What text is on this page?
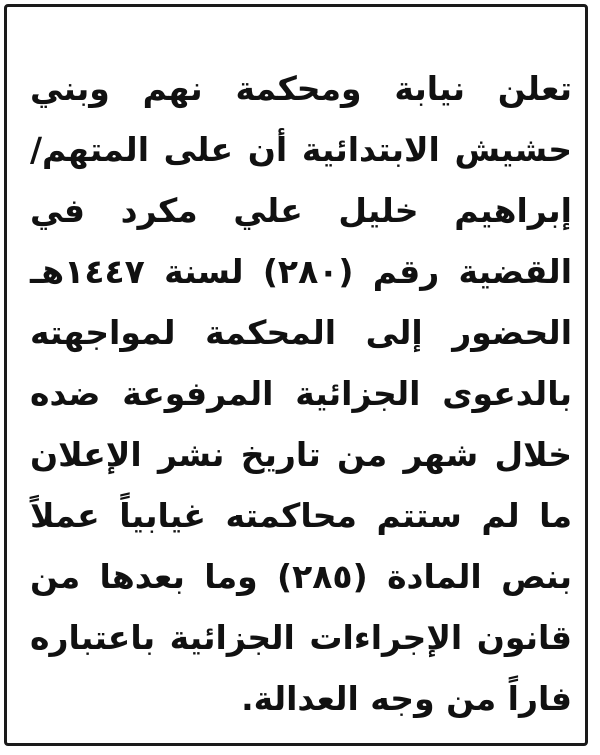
تعلن نيابة ومحكمة نهم وبني
حشيش الابتدائية أن على المتهم/
إبراهيم خليل علي مكرد في
القضية رقم (٢٨٠) لسنة ١٤٤٧هـ
الحضور إلى المحكمة لمواجهته
بالدعوى الجزائية المرفوعة ضده
خلال شهر من تاريخ نشر الإعلان
ما لم ستتم محاكمته غيابياً عملاً
بنص المادة (٢٨٥) وما بعدها من
قانون الإجراءات الجزائية باعتباره
فاراً من وجه العدالة.
